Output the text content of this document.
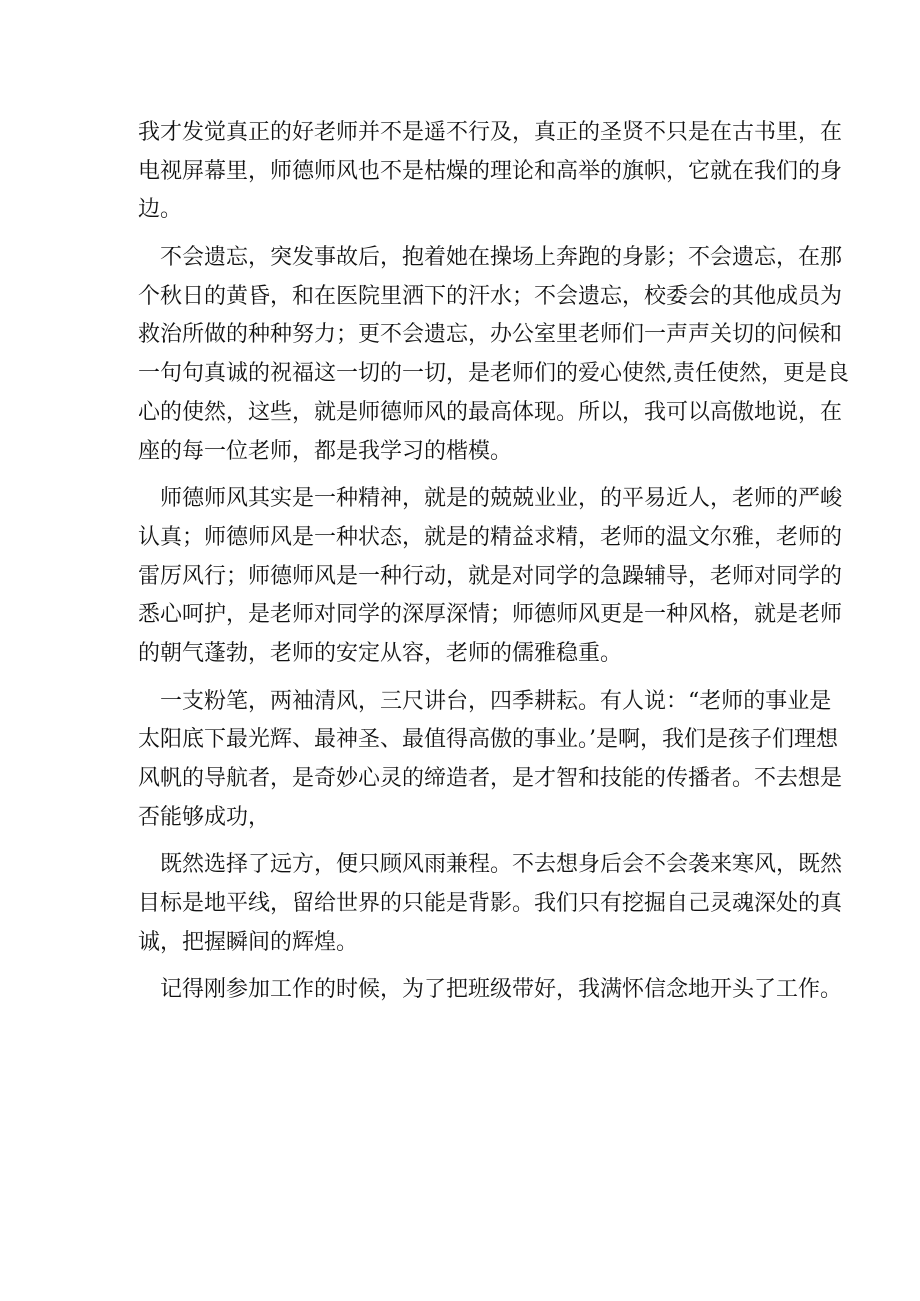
我才发觉真正的好老师并不是遥不行及，真正的圣贤不只是在古书里，在
电视屏幕里，师德师风也不是枯燥的理论和高举的旗帜，它就在我们的身
边。
　不会遗忘，突发事故后，抱着她在操场上奔跑的身影；不会遗忘，在那
个秋日的黄昏，和在医院里洒下的汗水；不会遗忘，校委会的其他成员为
救治所做的种种努力；更不会遗忘，办公室里老师们一声声关切的问候和
一句句真诚的祝福这一切的一切，是老师们的爱心使然,责任使然，更是良
心的使然，这些，就是师德师风的最高体现。所以，我可以高傲地说，在
座的每一位老师，都是我学习的楷模。
　师德师风其实是一种精神，就是的兢兢业业，的平易近人，老师的严峻
认真；师德师风是一种状态，就是的精益求精，老师的温文尔雅，老师的
雷厉风行；师德师风是一种行动，就是对同学的急躁辅导，老师对同学的
悉心呵护，是老师对同学的深厚深情；师德师风更是一种风格，就是老师
的朝气蓬勃，老师的安定从容，老师的儒雅稳重。
　一支粉笔，两袖清风，三尺讲台，四季耕耘。有人说：“老师的事业是
太阳底下最光辉、最神圣、最值得高傲的事业。’是啊，我们是孩子们理想
风帆的导航者，是奇妙心灵的缔造者，是才智和技能的传播者。不去想是
否能够成功，
　既然选择了远方，便只顾风雨兼程。不去想身后会不会袭来寒风，既然
目标是地平线，留给世界的只能是背影。我们只有挖掘自己灵魂深处的真
诚，把握瞬间的辉煌。
　记得刚参加工作的时候，为了把班级带好，我满怀信念地开头了工作。
